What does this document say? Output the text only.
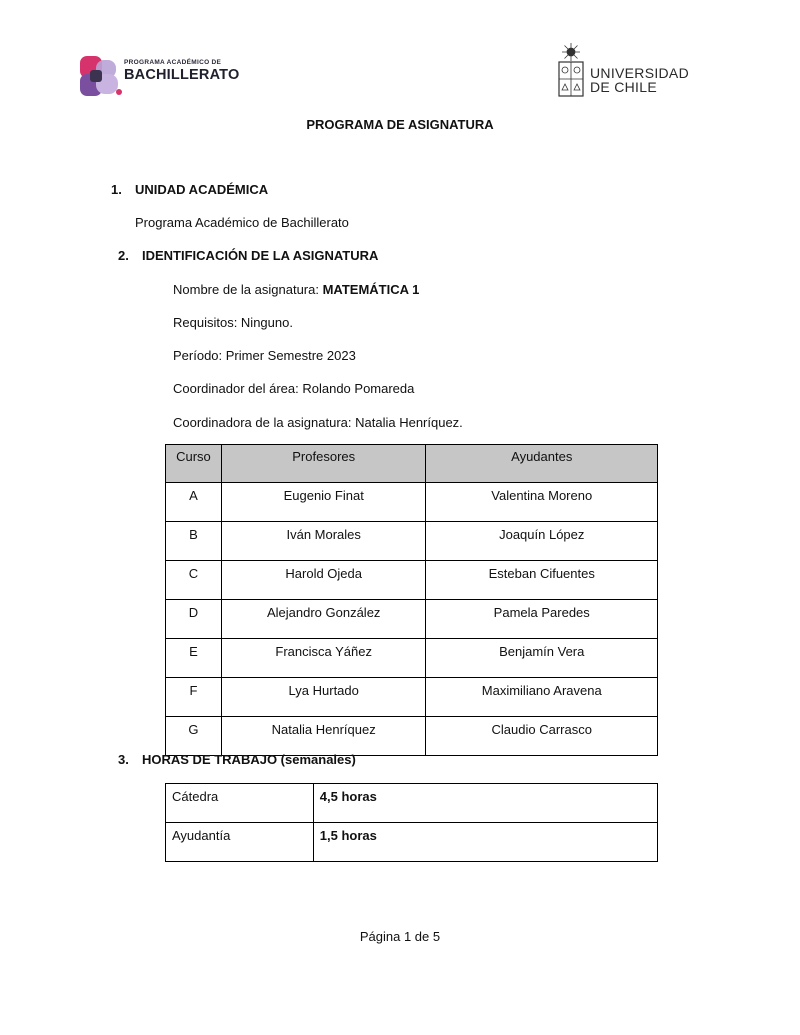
PROGRAMA ACADÉMICO DE
BACHILLERATO	UNIVERSIDAD
DE CHILE
PROGRAMA DE ASIGNATURA
1. UNIDAD ACADÉMICA
Programa Académico de Bachillerato
2. IDENTIFICACIÓN DE LA ASIGNATURA
Nombre de la asignatura: MATEMÁTICA 1
Requisitos: Ninguno.
Período: Primer Semestre 2023
Coordinador del área: Rolando Pomareda
Coordinadora de la asignatura: Natalia Henríquez.
Curso	Profesores	Ayudantes
A	Eugenio Finat	Valentina Moreno
B	Iván Morales	Joaquín López
C	Harold Ojeda	Esteban Cifuentes
D	Alejandro González	Pamela Paredes
E	Francisca Yáñez	Benjamín Vera
F	Lya Hurtado	Maximiliano Aravena
G	Natalia Henríquez	Claudio Carrasco
3. HORAS DE TRABAJO (semanales)
Cátedra	4,5 horas
Ayudantía	1,5 horas
Página 1 de 5
